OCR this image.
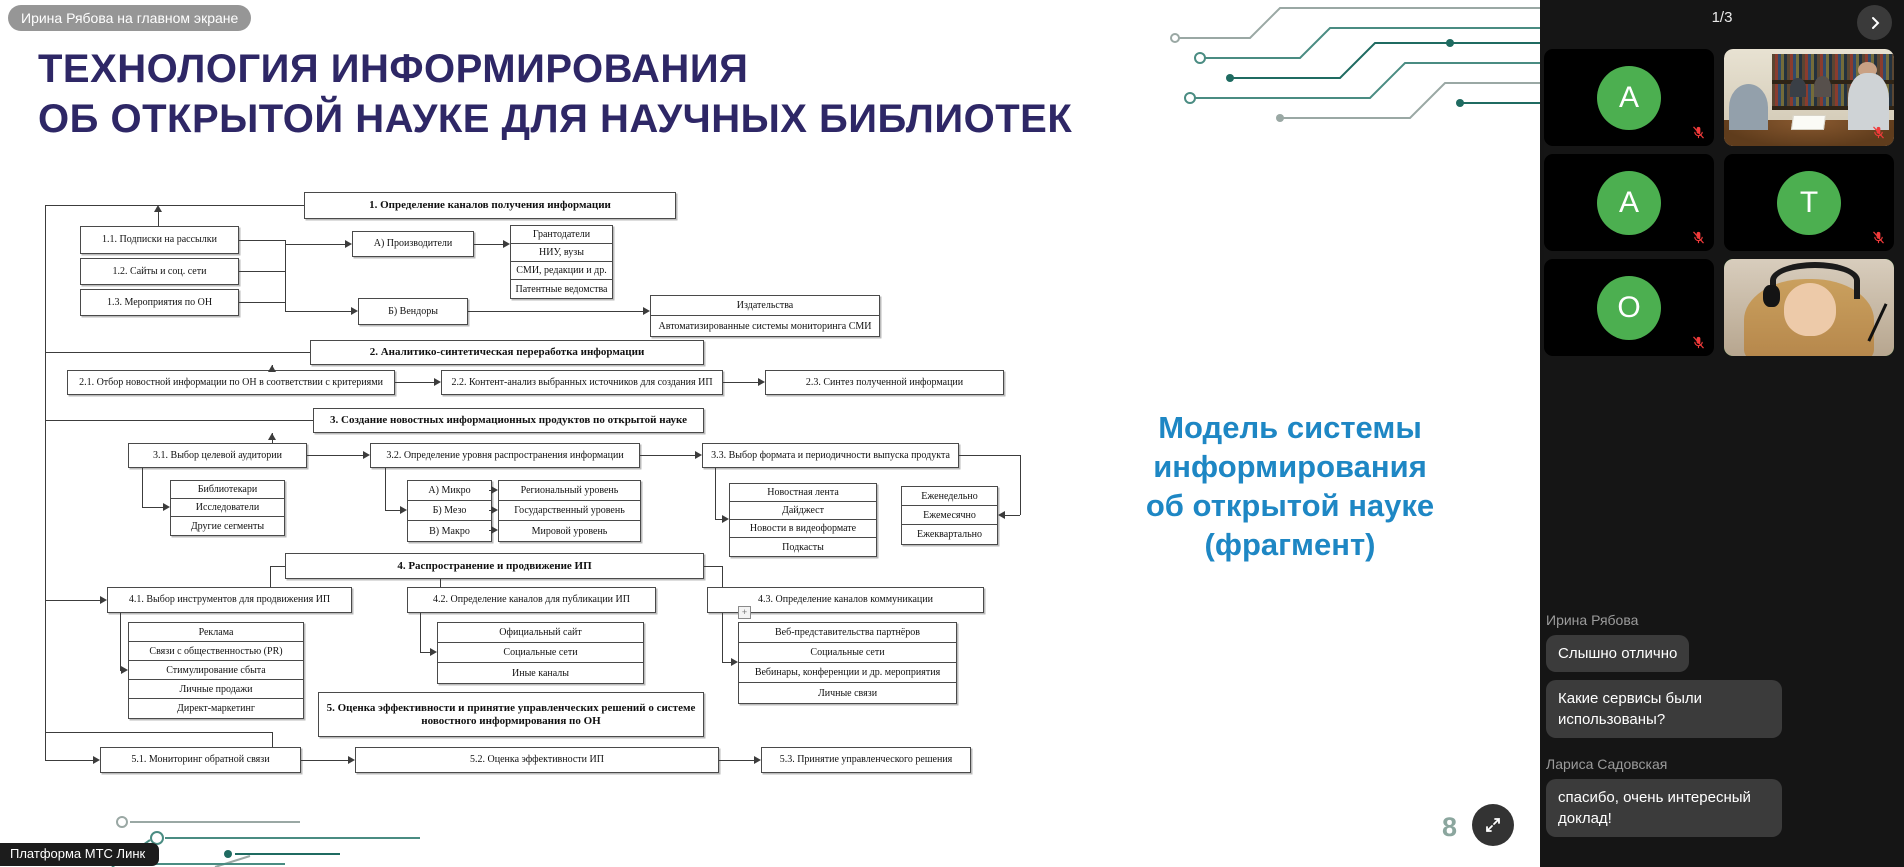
ТЕХНОЛОГИЯ ИНФОРМИРОВАНИЯ
ОБ ОТКРЫТОЙ НАУКЕ ДЛЯ НАУЧНЫХ БИБЛИОТЕК
1. Определение каналов получения информации
1.1. Подписки на рассылки
1.2. Сайты и соц. сети
1.3. Мероприятия по ОН
А) Производители
Б) Вендоры
2. Аналитико-синтетическая переработка информации
2.1. Отбор новостной информации по ОН в соответствии с критериями	2.2. Контент-анализ выбранных источников для создания ИП	2.3. Синтез полученной информации
3. Создание новостных информационных продуктов по открытой науке
3.1. Выбор целевой аудитории	3.2. Определение уровня распространения информации	3.3. Выбор формата и периодичности выпуска продукта
4. Распространение и продвижение ИП
4.1. Выбор инструментов для продвижения ИП	4.2. Определение каналов для публикации ИП	4.3. Определение каналов коммуникации
5. Оценка эффективности и принятие управленческих решений о системе новостного информирования по ОН
5.1. Мониторинг обратной связи	5.2. Оценка эффективности ИП	5.3. Принятие управленческого решения
Грантодатели
НИУ, вузы
СМИ, редакции и др.
Патентные ведомства
Издательства
Автоматизированные системы мониторинга СМИ
Библиотекари
Исследователи
Другие сегменты
А) Микро
Б) Мезо
В) Макро
Региональный уровень
Государственный уровень
Мировой уровень
Новостная лента
Дайджест
Новости в видеоформате
Подкасты
Еженедельно
Ежемесячно
Ежеквартально
Реклама
Связи с общественностью (PR)
Стимулирование сбыта
Личные продажи
Директ-маркетинг
Официальный сайт
Социальные сети
Иные каналы
Веб-представительства партнёров
Социальные сети
Вебинары, конференции и др. мероприятия
Личные связи
+
Модель системы
информирования
об открытой науке
(фрагмент)
8
Ирина Рябова на главном экране
Платформа МТС Линк
1/3
A
A	T
O
Ирина Рябова
Слышно отлично
Какие сервисы были использованы?
Лариса Садовская
спасибо, очень интересный доклад!
